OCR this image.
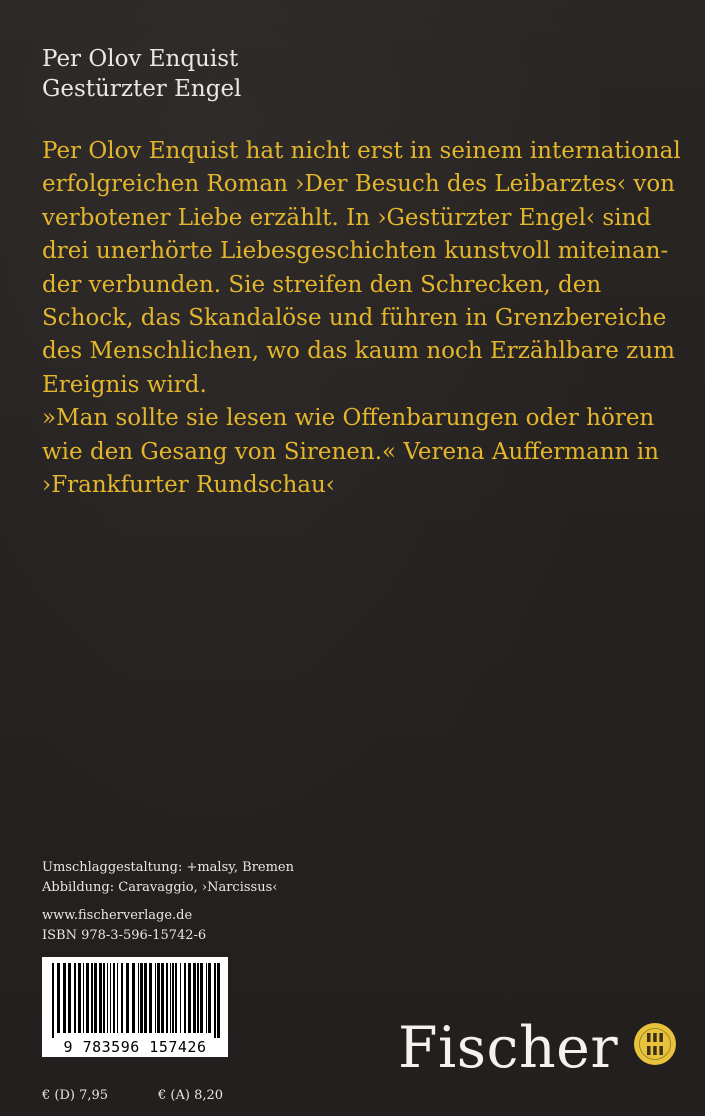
Per Olov Enquist
Gestürzter Engel
Per Olov Enquist hat nicht erst in seinem international
erfolgreichen Roman ›Der Besuch des Leibarztes‹ von
verbotener Liebe erzählt. In ›Gestürzter Engel‹ sind
drei unerhörte Liebesgeschichten kunstvoll miteinan-
der verbunden. Sie streifen den Schrecken, den
Schock, das Skandalöse und führen in Grenzbereiche
des Menschlichen, wo das kaum noch Erzählbare zum
Ereignis wird.
»Man sollte sie lesen wie Offenbarungen oder hören
wie den Gesang von Sirenen.« Verena Auffermann in
›Frankfurter Rundschau‹
Umschlaggestaltung: +malsy, Bremen
Abbildung: Caravaggio, ›Narcissus‹
www.fischerverlage.de
ISBN 978-3-596-15742-6
9 783596 157426
€ (D) 7,95	€ (A) 8,20
Fischer
